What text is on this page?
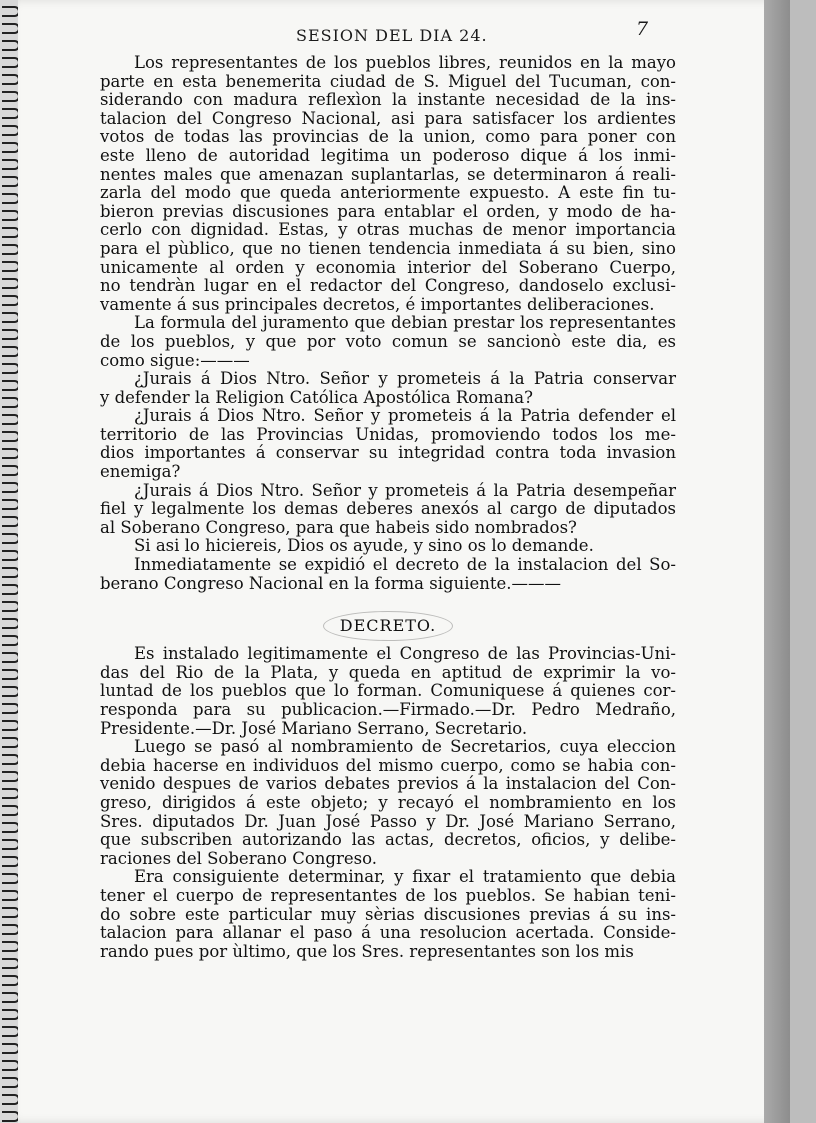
SESION DEL DIA 24.	7
Los representantes de los pueblos libres, reunidos en la mayo
parte en esta benemerita ciudad de S. Miguel del Tucuman, con-
siderando con madura reflexìon la instante necesidad de la ins-
talacion del Congreso Nacional, asi para satisfacer los ardientes
votos de todas las provincias de la union, como para poner con
este lleno de autoridad legitima un poderoso dique á los inmi-
nentes males que amenazan suplantarlas, se determinaron á reali-
zarla del modo que queda anteriormente expuesto. A este fin tu-
bieron previas discusiones para entablar el orden, y modo de ha-
cerlo con dignidad. Estas, y otras muchas de menor importancia
para el pùblico, que no tienen tendencia inmediata á su bien, sino
unicamente al orden y economia interior del Soberano Cuerpo,
no tendràn lugar en el redactor del Congreso, dandoselo exclusi-
vamente á sus principales decretos, é importantes deliberaciones.
La formula del juramento que debian prestar los representantes
de los pueblos, y que por voto comun se sancionò este dia, es
como sigue:———
¿Jurais á Dios Ntro. Señor y prometeis á la Patria conservar
y defender la Religion Católica Apostólica Romana?
¿Jurais á Dios Ntro. Señor y prometeis á la Patria defender el
territorio de las Provincias Unidas, promoviendo todos los me-
dios importantes á conservar su integridad contra toda invasion
enemiga?
¿Jurais á Dios Ntro. Señor y prometeis á la Patria desempeñar
fiel y legalmente los demas deberes anexós al cargo de diputados
al Soberano Congreso, para que habeis sido nombrados?
Si asi lo hiciereis, Dios os ayude, y sino os lo demande.
Inmediatamente se expidió el decreto de la instalacion del So-
berano Congreso Nacional en la forma siguiente.———
DECRETO.
Es instalado legitimamente el Congreso de las Provincias-Uni-
das del Rio de la Plata, y queda en aptitud de exprimir la vo-
luntad de los pueblos que lo forman. Comuniquese á quienes cor-
responda para su publicacion.—Firmado.—Dr. Pedro Medraño,
Presidente.—Dr. José Mariano Serrano, Secretario.
Luego se pasó al nombramiento de Secretarios, cuya eleccion
debia hacerse en individuos del mismo cuerpo, como se habia con-
venido despues de varios debates previos á la instalacion del Con-
greso, dirigidos á este objeto; y recayó el nombramiento en los
Sres. diputados Dr. Juan José Passo y Dr. José Mariano Serrano,
que subscriben autorizando las actas, decretos, oficios, y delibe-
raciones del Soberano Congreso.
Era consiguiente determinar, y fixar el tratamiento que debia
tener el cuerpo de representantes de los pueblos. Se habian teni-
do sobre este particular muy sèrias discusiones previas á su ins-
talacion para allanar el paso á una resolucion acertada. Conside-
rando pues por ùltimo, que los Sres. representantes son los mis
